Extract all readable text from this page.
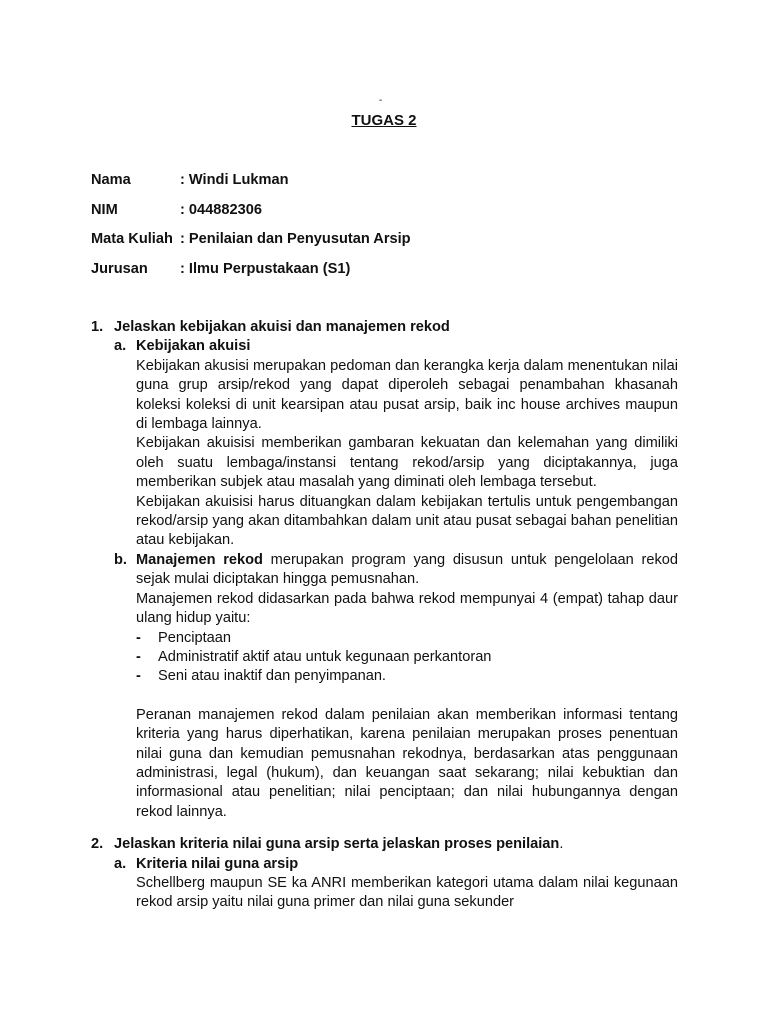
-
TUGAS 2
Nama	: Windi Lukman
NIM	: 044882306
Mata Kuliah : Penilaian dan Penyusutan Arsip
Jurusan : Ilmu Perpustakaan (S1)
1. Jelaskan kebijakan akuisi dan manajemen rekod
a. Kebijakan akuisi
Kebijakan akusisi merupakan pedoman dan kerangka kerja dalam menentukan nilai guna grup arsip/rekod yang dapat diperoleh sebagai penambahan khasanah koleksi koleksi di unit kearsipan atau pusat arsip, baik inc house archives maupun di lembaga lainnya.
Kebijakan akuisisi memberikan gambaran kekuatan dan kelemahan yang dimiliki oleh suatu lembaga/instansi tentang rekod/arsip yang diciptakannya, juga memberikan subjek atau masalah yang diminati oleh lembaga tersebut.
Kebijakan akuisisi harus dituangkan dalam kebijakan tertulis untuk pengembangan rekod/arsip yang akan ditambahkan dalam unit atau pusat sebagai bahan penelitian atau kebijakan.
b. Manajemen rekod merupakan program yang disusun untuk pengelolaan rekod sejak mulai diciptakan hingga pemusnahan.
Manajemen rekod didasarkan pada bahwa rekod mempunyai 4 (empat) tahap daur ulang hidup yaitu:
- Penciptaan
- Administratif aktif atau untuk kegunaan perkantoran
- Seni atau inaktif dan penyimpanan.
Peranan manajemen rekod dalam penilaian akan memberikan informasi tentang kriteria yang harus diperhatikan, karena penilaian merupakan proses penentuan nilai guna dan kemudian pemusnahan rekodnya, berdasarkan atas penggunaan administrasi, legal (hukum), dan keuangan saat sekarang; nilai kebuktian dan informasional atau penelitian; nilai penciptaan; dan nilai hubungannya dengan rekod lainnya.
2. Jelaskan kriteria nilai guna arsip serta jelaskan proses penilaian.
a. Kriteria nilai guna arsip
Schellberg maupun SE ka ANRI memberikan kategori utama dalam nilai kegunaan rekod arsip yaitu nilai guna primer dan nilai guna sekunder
